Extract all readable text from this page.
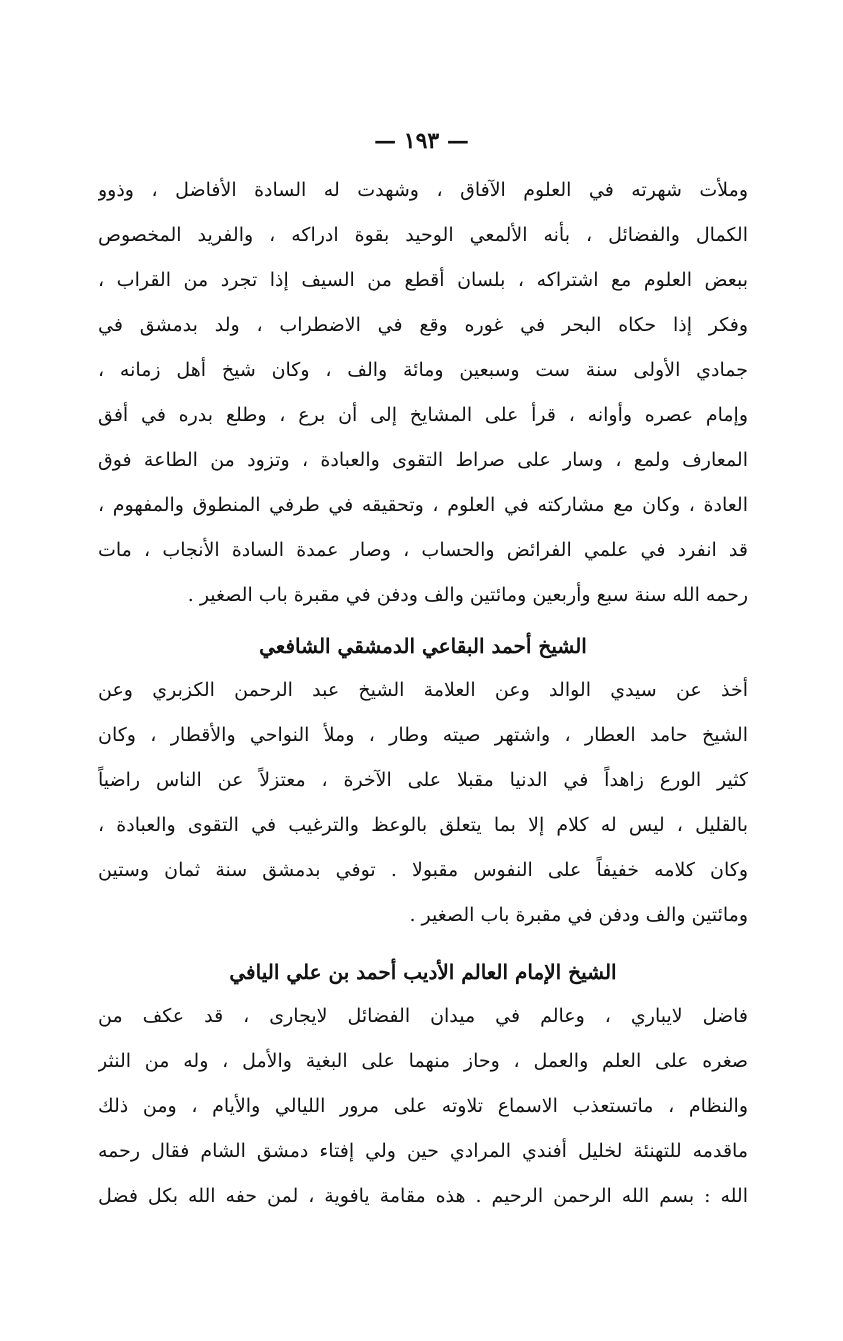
— ١٩٣ —
وملأت شهرته في العلوم الآفاق ، وشهدت له السادة الأفاضل ، وذوو
الكمال والفضائل ، بأنه الألمعي الوحيد بقوة ادراكه ، والفريد المخصوص
ببعض العلوم مع اشتراكه ، بلسان أقطع من السيف إذا تجرد من القراب ،
وفكر إذا حكاه البحر في غوره وقع في الاضطراب ، ولد بدمشق في
جمادي الأولى سنة ست وسبعين ومائة والف ، وكان شيخ أهل زمانه ،
وإمام عصره وأوانه ، قرأ على المشايخ إلى أن برع ، وطلع بدره في أفق
المعارف ولمع ، وسار على صراط التقوى والعبادة ، وتزود من الطاعة فوق
العادة ، وكان مع مشاركته في العلوم ، وتحقيقه في طرفي المنطوق والمفهوم ،
قد انفرد في علمي الفرائض والحساب ، وصار عمدة السادة الأنجاب ، مات
رحمه الله سنة سبع وأربعين ومائتين والف ودفن في مقبرة باب الصغير .
الشيخ أحمد البقاعي الدمشقي الشافعي
أخذ عن سيدي الوالد وعن العلامة الشيخ عبد الرحمن الكزبري وعن
الشيخ حامد العطار ، واشتهر صيته وطار ، وملأ النواحي والأقطار ، وكان
كثير الورع زاهداً في الدنيا مقبلا على الآخرة ، معتزلاً عن الناس راضياً
بالقليل ، ليس له كلام إلا بما يتعلق بالوعظ والترغيب في التقوى والعبادة ،
وكان كلامه خفيفاً على النفوس مقبولا . توفي بدمشق سنة ثمان وستين
ومائتين والف ودفن في مقبرة باب الصغير .
الشيخ الإمام العالم الأديب أحمد بن علي اليافي
فاضل لايباري ، وعالم في ميدان الفضائل لايجارى ، قد عكف من
صغره على العلم والعمل ، وحاز منهما على البغية والأمل ، وله من النثر
والنظام ، ماتستعذب الاسماع تلاوته على مرور الليالي والأيام ، ومن ذلك
ماقدمه للتهنئة لخليل أفندي المرادي حين ولي إفتاء دمشق الشام فقال رحمه
الله : بسم الله الرحمن الرحيم . هذه مقامة يافوية ، لمن حفه الله بكل فضل
